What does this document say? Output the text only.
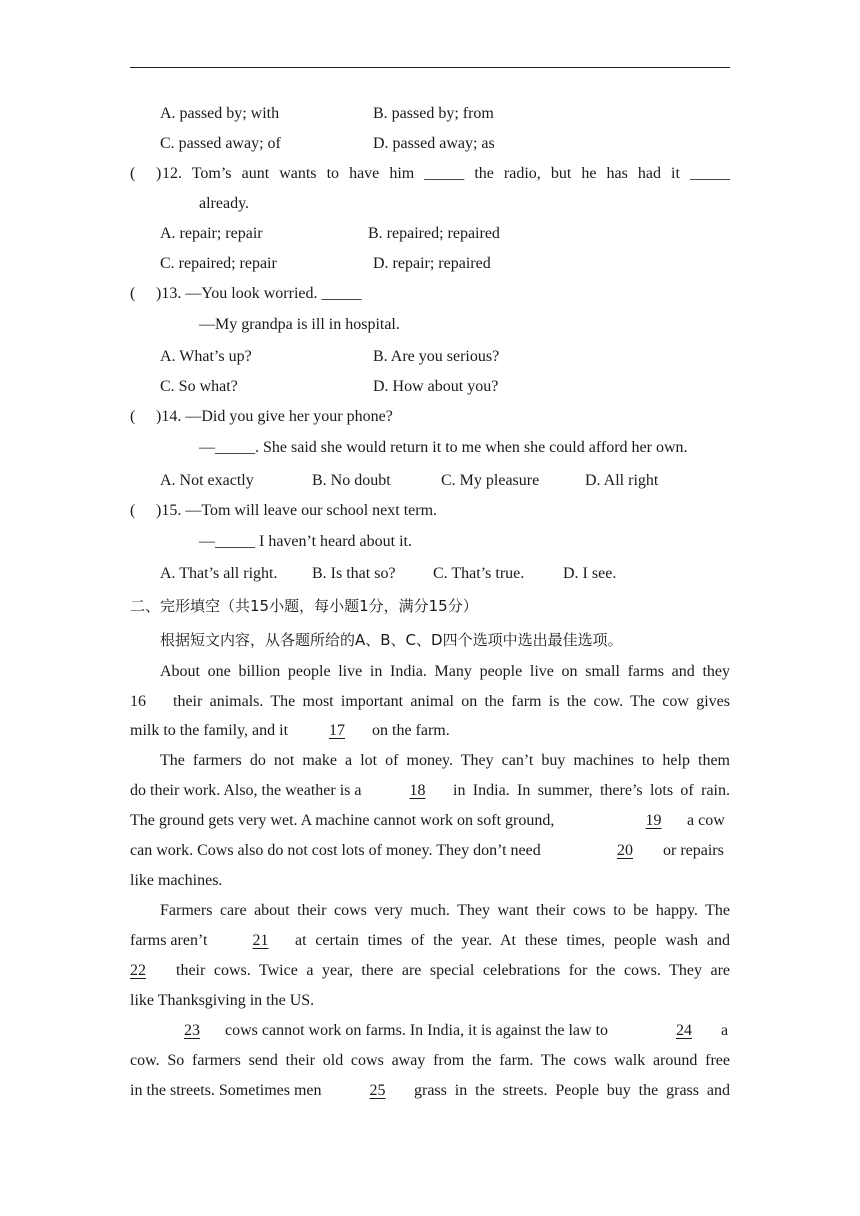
A. passed by; with	B. passed by; from
C. passed away; of	D. passed away; as
( ) 12. Tom’s aunt wants to have him _____ the radio, but he has had it _____
already.
A. repair; repair	B. repaired; repaired
C. repaired; repair	D. repair; repaired
( )13. —You look worried. _____
—My grandpa is ill in hospital.
A. What’s up?	B. Are you serious?
C. So what?	D. How about you?
( )14. —Did you give her your phone?
—_____. She said she would return it to me when she could afford her own.
A. Not exactly	B. No doubt	C. My pleasure	D. All right
( )15. —Tom will leave our school next term.
—_____ I haven’t heard about it.
A. That’s all right. B. Is that so? C. That’s true. D. I see.
二、完形填空（共15小题，每小题1分，满分15分）
根据短文内容，从各题所给的A、B、C、D四个选项中选出最佳选项。
About one billion people live in India. Many people live on small farms and they
16 their animals. The most important animal on the farm is the cow. The cow gives
milk to the family, and it	17	on the farm.
The farmers do not make a lot of money. They can’t buy machines to help them
do their work. Also, the weather is a	18	in India. In summer, there’s lots of rain.
The ground gets very wet. A machine cannot work on soft ground,	19	a cow
can work. Cows also do not cost lots of money. They don’t need	20	or repairs
like machines.
Farmers care about their cows very much. They want their cows to be happy. The
farms aren’t	21	at certain times of the year. At these times, people wash and
22	their cows. Twice a year, there are special celebrations for the cows. They are
like Thanksgiving in the US.
23	cows cannot work on farms. In India, it is against the law to	24	a
cow. So farmers send their old cows away from the farm. The cows walk around free
in the streets. Sometimes men	25	grass in the streets. People buy the grass and
